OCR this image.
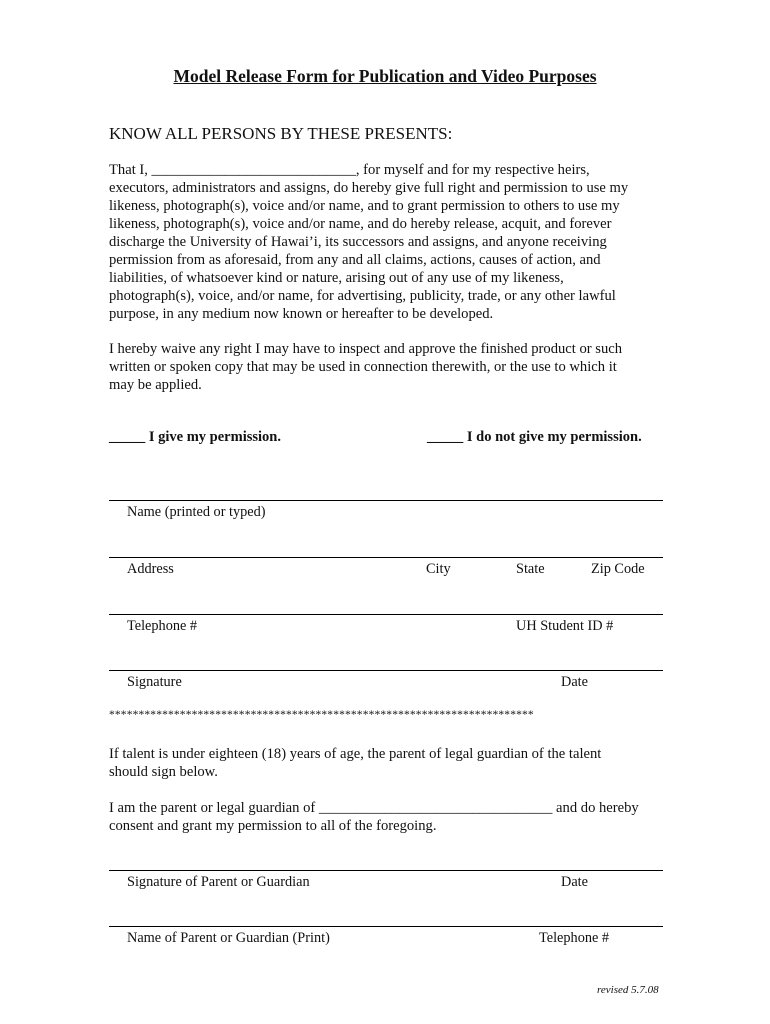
Model Release Form for Publication and Video Purposes
KNOW ALL PERSONS BY THESE PRESENTS:
That I, ____________________________, for myself and for my respective heirs,
executors, administrators and assigns, do hereby give full right and permission to use my
likeness, photograph(s), voice and/or name, and to grant permission to others to use my
likeness, photograph(s), voice and/or name, and do hereby release, acquit, and forever
discharge the University of Hawai’i, its successors and assigns, and anyone receiving
permission from as aforesaid, from any and all claims, actions, causes of action, and
liabilities, of whatsoever kind or nature, arising out of any use of my likeness,
photograph(s), voice, and/or name, for advertising, publicity, trade, or any other lawful
purpose, in any medium now known or hereafter to be developed.
I hereby waive any right I may have to inspect and approve the finished product or such
written or spoken copy that may be used in connection therewith, or the use to which it
may be applied.
_____ I give my permission.	_____ I do not give my permission.
Name (printed or typed)
Address	City	State	Zip Code
Telephone #	UH Student ID #
Signature	Date
************************************************************************
If talent is under eighteen (18) years of age, the parent of legal guardian of the talent
should sign below.
I am the parent or legal guardian of ________________________________ and do hereby
consent and grant my permission to all of the foregoing.
Signature of Parent or Guardian	Date
Name of Parent or Guardian (Print)	Telephone #
revised 5.7.08
